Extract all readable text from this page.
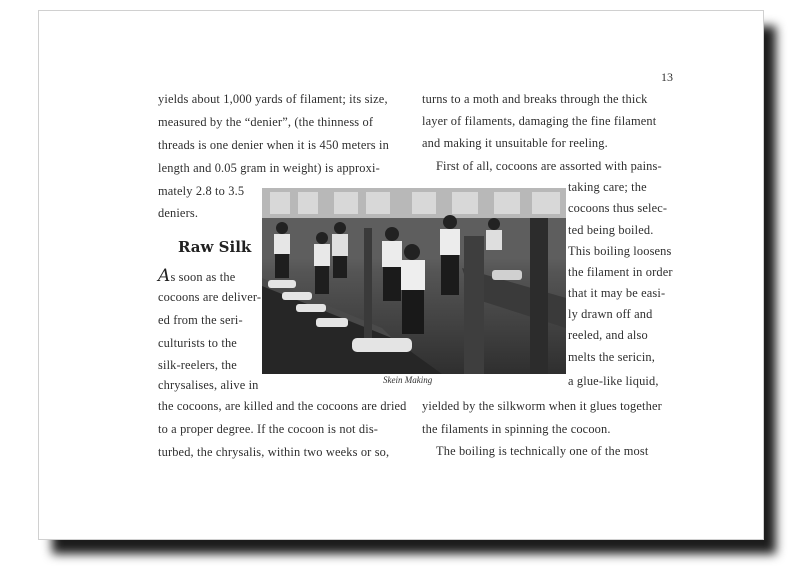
13
yields about 1,000 yards of filament; its size,
measured by the “denier”, (the thinness of
threads is one denier when it is 450 meters in
length and 0.05 gram in weight) is approxi-
mately 2.8 to 3.5
deniers.
Raw Silk
As soon as the
cocoons are deliver-
ed from the seri-
culturists to the
silk-reelers, the
chrysalises, alive in
the cocoons, are killed and the cocoons are dried
to a proper degree. If the cocoon is not dis-
turbed, the chrysalis, within two weeks or so,
turns to a moth and breaks through the thick
layer of filaments, damaging the fine filament
and making it unsuitable for reeling.
First of all, cocoons are assorted with pains-
taking care; the
cocoons thus selec-
ted being boiled.
This boiling loosens
the filament in order
that it may be easi-
ly drawn off and
reeled, and also
melts the sericin,
a glue-like liquid,
yielded by the silkworm when it glues together
the filaments in spinning the cocoon.
The boiling is technically one of the most
Skein Making
